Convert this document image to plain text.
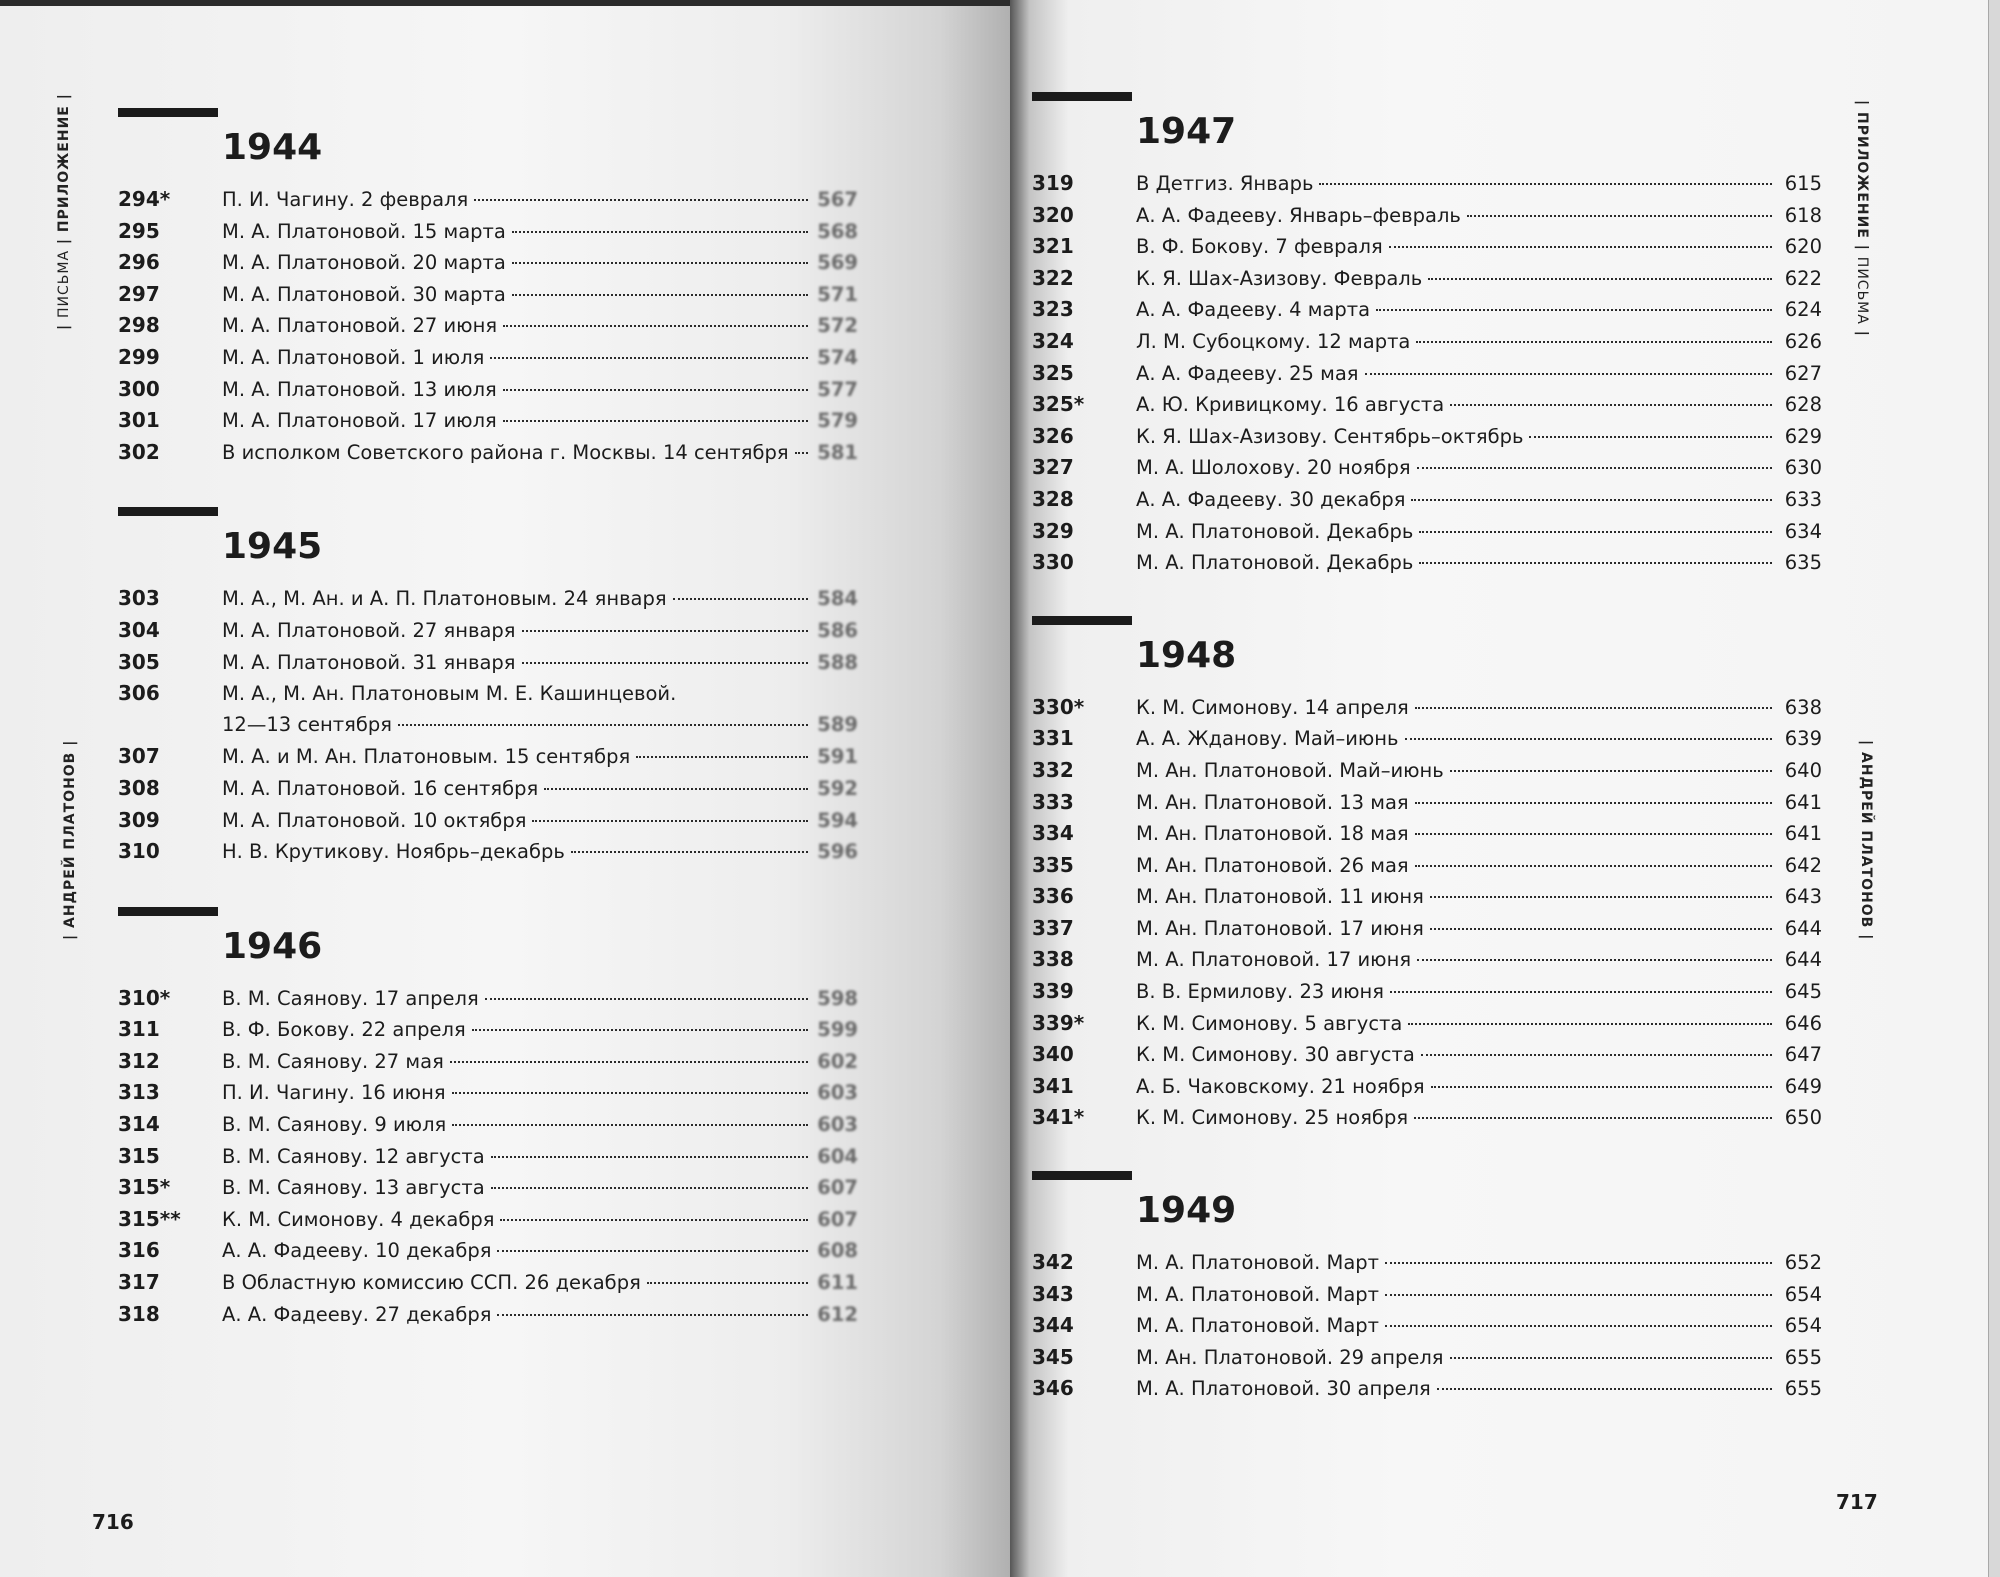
| ПИСЬМА | ПРИЛОЖЕНИЕ |
| АНДРЕЙ ПЛАТОНОВ |
| ПРИЛОЖЕНИЕ | ПИСЬМА |
| АНДРЕЙ ПЛАТОНОВ |
1944
294*	П. И. Чагину. 2 февраля	567
295	М. А. Платоновой. 15 марта	568
296	М. А. Платоновой. 20 марта	569
297	М. А. Платоновой. 30 марта	571
298	М. А. Платоновой. 27 июня	572
299	М. А. Платоновой. 1 июля	574
300	М. А. Платоновой. 13 июля	577
301	М. А. Платоновой. 17 июля	579
302	В исполком Советского района г. Москвы. 14 сентября 581
1945
303	М. А., М. Ан. и А. П. Платоновым. 24 января	584
304	М. А. Платоновой. 27 января	586
305	М. А. Платоновой. 31 января	588
306	М. А., М. Ан. Платоновым М. Е. Кашинцевой.
12—13 сентября	589
307	М. А. и М. Ан. Платоновым. 15 сентября	591
308	М. А. Платоновой. 16 сентября	592
309	М. А. Платоновой. 10 октября	594
310	Н. В. Крутикову. Ноябрь–декабрь	596
1946
310*	В. М. Саянову. 17 апреля	598
311	В. Ф. Бокову. 22 апреля	599
312	В. М. Саянову. 27 мая	602
313	П. И. Чагину. 16 июня	603
314	В. М. Саянову. 9 июля	603
315	В. М. Саянову. 12 августа	604
315*	В. М. Саянову. 13 августа	607
315**	К. М. Симонову. 4 декабря	607
316	А. А. Фадееву. 10 декабря	608
317	В Областную комиссию ССП. 26 декабря	611
318	А. А. Фадееву. 27 декабря	612
1947
319	В Детгиз. Январь	615
320	А. А. Фадееву. Январь–февраль	618
321	В. Ф. Бокову. 7 февраля	620
322	К. Я. Шах-Азизову. Февраль	622
323	А. А. Фадееву. 4 марта	624
324	Л. М. Субоцкому. 12 марта	626
325	А. А. Фадееву. 25 мая	627
325*	А. Ю. Кривицкому. 16 августа	628
326	К. Я. Шах-Азизову. Сентябрь–октябрь	629
327	М. А. Шолохову. 20 ноября	630
328	А. А. Фадееву. 30 декабря	633
329	М. А. Платоновой. Декабрь	634
330	М. А. Платоновой. Декабрь	635
1948
330*	К. М. Симонову. 14 апреля	638
331	А. А. Жданову. Май–июнь	639
332	М. Ан. Платоновой. Май–июнь	640
333	М. Ан. Платоновой. 13 мая	641
334	М. Ан. Платоновой. 18 мая	641
335	М. Ан. Платоновой. 26 мая	642
336	М. Ан. Платоновой. 11 июня	643
337	М. Ан. Платоновой. 17 июня	644
338	М. А. Платоновой. 17 июня	644
339	В. В. Ермилову. 23 июня	645
339*	К. М. Симонову. 5 августа	646
340	К. М. Симонову. 30 августа	647
341	А. Б. Чаковскому. 21 ноября	649
341*	К. М. Симонову. 25 ноября	650
1949
342	М. А. Платоновой. Март	652
343	М. А. Платоновой. Март	654
344	М. А. Платоновой. Март	654
345	М. Ан. Платоновой. 29 апреля	655
346	М. А. Платоновой. 30 апреля	655
716
717
